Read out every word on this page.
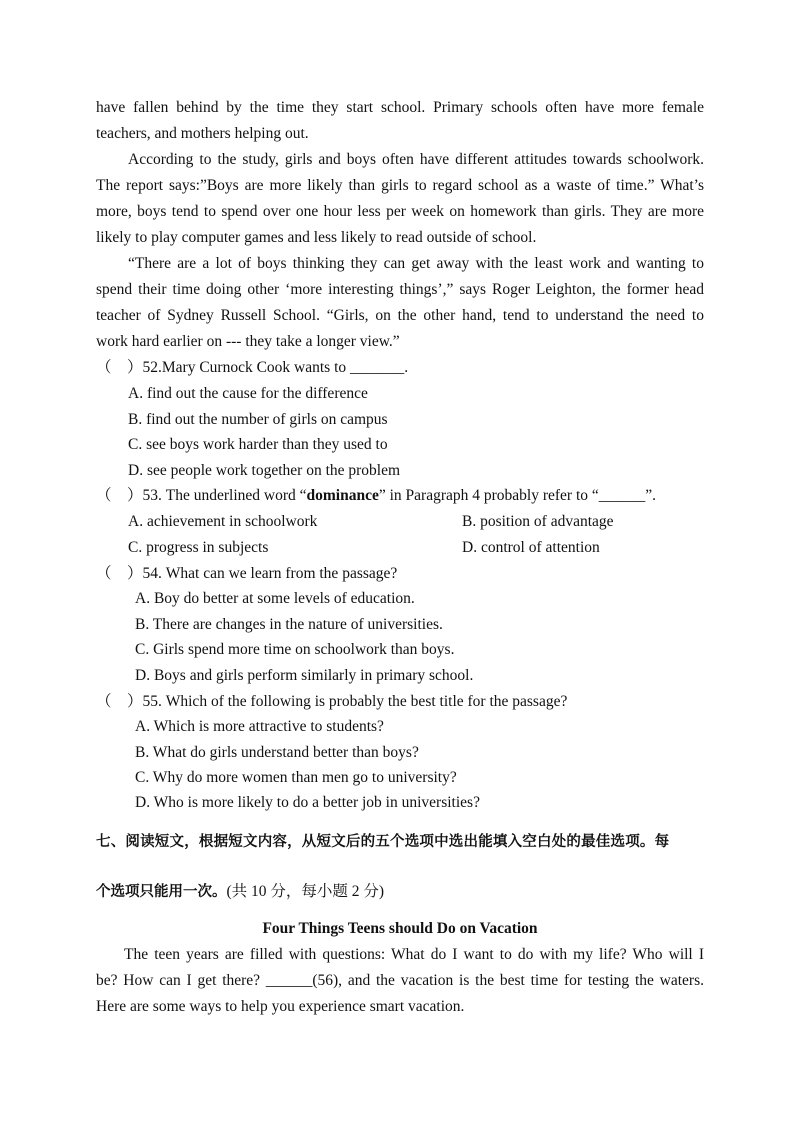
have fallen behind by the time they start school. Primary schools often have more female
teachers, and mothers helping out.
According to the study, girls and boys often have different attitudes towards schoolwork.
The report says:”Boys are more likely than girls to regard school as a waste of time.” What’s
more, boys tend to spend over one hour less per week on homework than girls. They are more
likely to play computer games and less likely to read outside of school.
“There are a lot of boys thinking they can get away with the least work and wanting to
spend their time doing other ‘more interesting things’,” says Roger Leighton, the former head
teacher of Sydney Russell School. “Girls, on the other hand, tend to understand the need to
work hard earlier on --- they take a longer view.”
（　）52.Mary Curnock Cook wants to _______.
A. find out the cause for the difference
B. find out the number of girls on campus
C. see boys work harder than they used to
D. see people work together on the problem
（　）53. The underlined word “dominance” in Paragraph 4 probably refer to “______”.
A. achievement in schoolwork	B. position of advantage
C. progress in subjects	D. control of attention
（　）54. What can we learn from the passage?
A. Boy do better at some levels of education.
B. There are changes in the nature of universities.
C. Girls spend more time on schoolwork than boys.
D. Boys and girls perform similarly in primary school.
（　）55. Which of the following is probably the best title for the passage?
A. Which is more attractive to students?
B. What do girls understand better than boys?
C. Why do more women than men go to university?
D. Who is more likely to do a better job in universities?
七、阅读短文，根据短文内容，从短文后的五个选项中选出能填入空白处的最佳选项。每
个选项只能用一次。(共 10 分，每小题 2 分)
Four Things Teens should Do on Vacation
The teen years are filled with questions: What do I want to do with my life? Who will I
be? How can I get there? ______(56), and the vacation is the best time for testing the waters.
Here are some ways to help you experience smart vacation.
